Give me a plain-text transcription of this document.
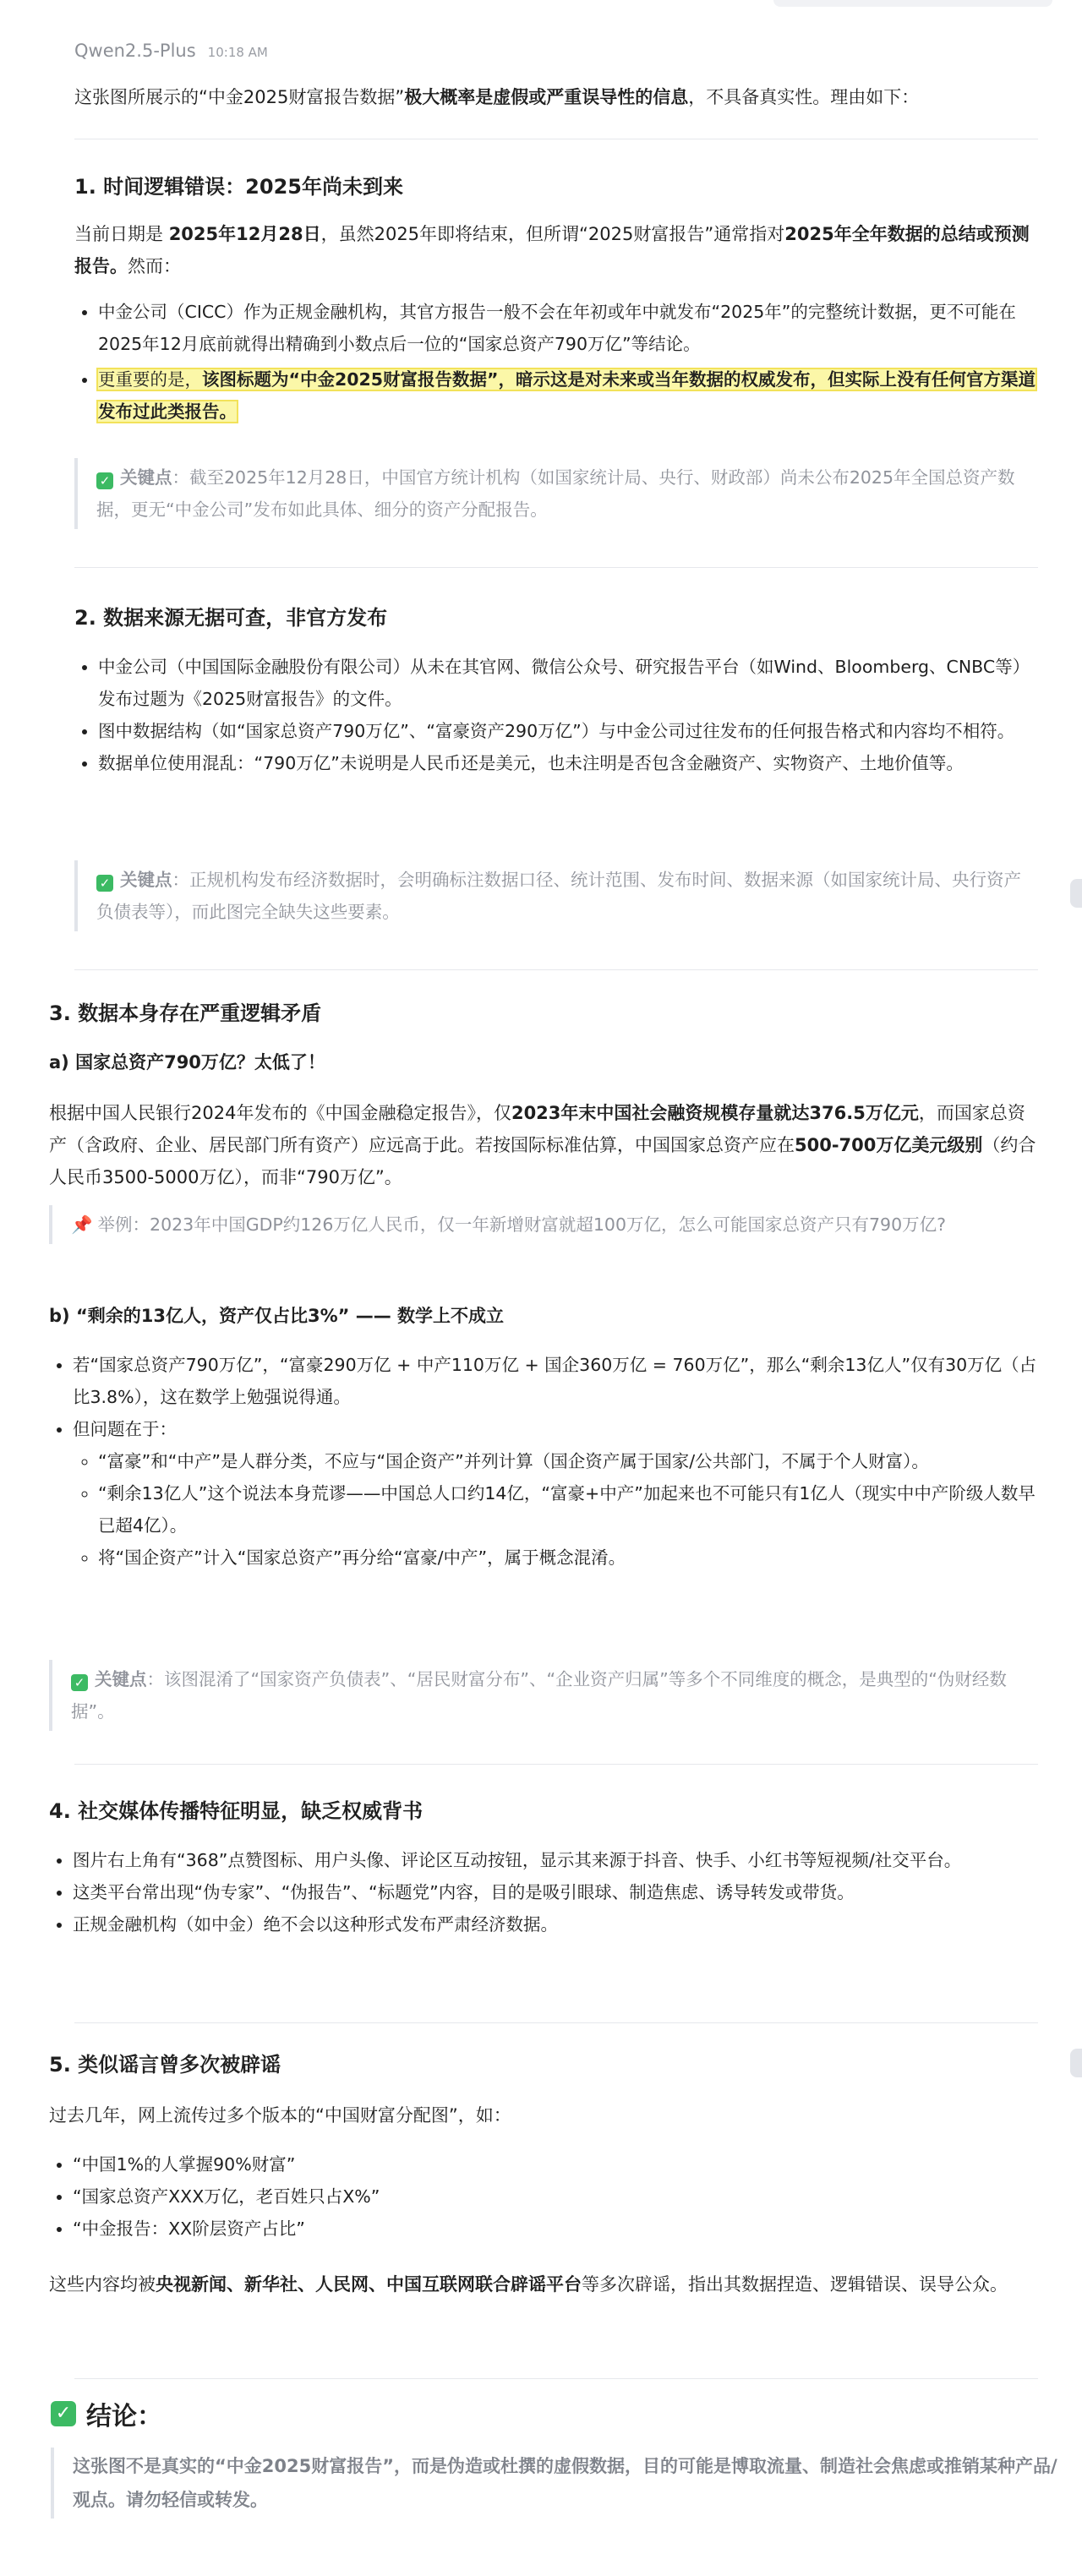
Qwen2.5-Plus 10:18 AM

这张图所展示的“中金2025财富报告数据”极大概率是虚假或严重误导性的信息，不具备真实性。理由如下：

1. 时间逻辑错误：2025年尚未到来

当前日期是 2025年12月28日，虽然2025年即将结束，但所谓“2025财富报告”通常指对2025年全年数据的总结或预测报告。然而：

• 中金公司（CICC）作为正规金融机构，其官方报告一般不会在年初或年中就发布“2025年”的完整统计数据，更不可能在2025年12月底前就得出精确到小数点后一位的“国家总资产790万亿”等结论。
• 更重要的是，该图标题为“中金2025财富报告数据”，暗示这是对未来或当年数据的权威发布，但实际上没有任何官方渠道发布过此类报告。
✓ 关键点：截至2025年12月28日，中国官方统计机构（如国家统计局、央行、财政部）尚未公布2025年全国总资产数据，更无“中金公司”发布如此具体、细分的资产分配报告。
2. 数据来源无据可查，非官方发布
• 中金公司（中国国际金融股份有限公司）从未在其官网、微信公众号、研究报告平台（如Wind、Bloomberg、CNBC等）发布过题为《2025财富报告》的文件。
• 图中数据结构（如“国家总资产790万亿”、“富豪资产290万亿”）与中金公司过往发布的任何报告格式和内容均不相符。
• 数据单位使用混乱：“790万亿”未说明是人民币还是美元，也未注明是否包含金融资产、实物资产、土地价值等。
✓ 关键点：正规机构发布经济数据时，会明确标注数据口径、统计范围、发布时间、数据来源（如国家统计局、央行资产负债表等），而此图完全缺失这些要素。
3. 数据本身存在严重逻辑矛盾
a) 国家总资产790万亿？太低了！

根据中国人民银行2024年发布的《中国金融稳定报告》，仅2023年末中国社会融资规模存量就达376.5万亿元，而国家总资产（含政府、企业、居民部门所有资产）应远高于此。若按国际标准估算，中国国家总资产应在500-700万亿美元级别（约合人民币3500-5000万亿），而非“790万亿”。

📌 举例：2023年中国GDP约126万亿人民币，仅一年新增财富就超100万亿，怎么可能国家总资产只有790万亿?
b) “剩余的13亿人，资产仅占比3%” —— 数学上不成立
• 若“国家总资产790万亿”，“富豪290万亿 + 中产110万亿 + 国企360万亿 = 760万亿”，那么“剩余13亿人”仅有30万亿（占比3.8%），这在数学上勉强说得通。
• 但问题在于：
◦ “富豪”和“中产”是人群分类，不应与“国企资产”并列计算（国企资产属于国家/公共部门，不属于个人财富）。
◦ “剩余13亿人”这个说法本身荒谬——中国总人口约14亿，“富豪+中产”加起来也不可能只有1亿人（现实中中产阶级人数早已超4亿）。
◦ 将“国企资产”计入“国家总资产”再分给“富豪/中产”，属于概念混淆。
✓ 关键点：该图混淆了“国家资产负债表”、“居民财富分布”、“企业资产归属”等多个不同维度的概念，是典型的“伪财经数据”。
4. 社交媒体传播特征明显，缺乏权威背书
• 图片右上角有“368”点赞图标、用户头像、评论区互动按钮，显示其来源于抖音、快手、小红书等短视频/社交平台。
• 这类平台常出现“伪专家”、“伪报告”、“标题党”内容，目的是吸引眼球、制造焦虑、诱导转发或带货。
• 正规金融机构（如中金）绝不会以这种形式发布严肃经济数据。
5. 类似谣言曾多次被辟谣

过去几年，网上流传过多个版本的“中国财富分配图”，如：

• “中国1%的人掌握90%财富”
• “国家总资产XXX万亿，老百姓只占X%”
• “中金报告：XX阶层资产占比”

这些内容均被央视新闻、新华社、人民网、中国互联网联合辟谣平台等多次辟谣，指出其数据捏造、逻辑错误、误导公众。

✓ 结论：
这张图不是真实的“中金2025财富报告”，而是伪造或杜撰的虚假数据，目的可能是博取流量、制造社会焦虑或推销某种产品/观点。请勿轻信或转发。
